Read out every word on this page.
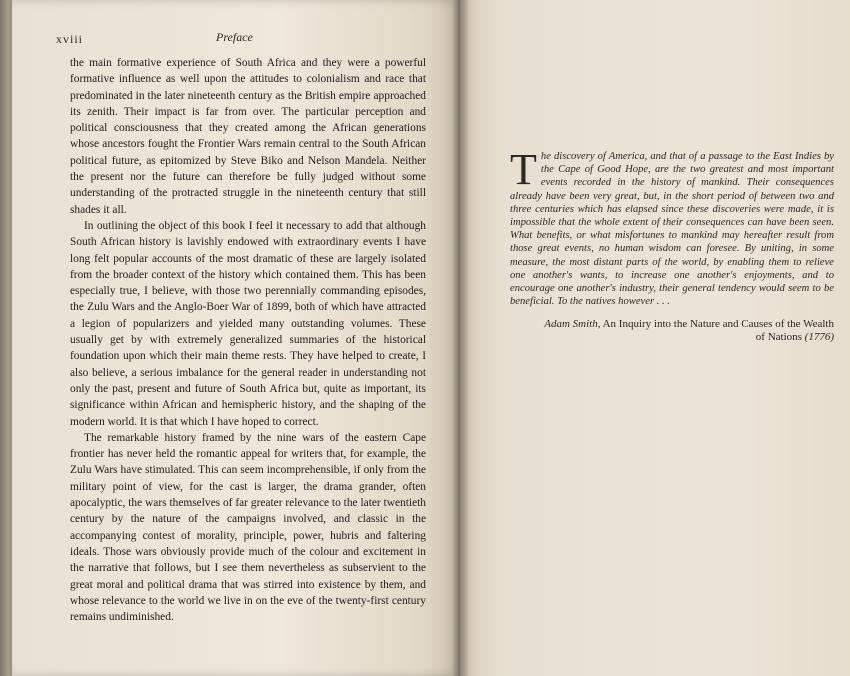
xviii	Preface

the main formative experience of South Africa and they were a powerful formative influence as well upon the attitudes to colonialism and race that predominated in the later nineteenth century as the British empire approached its zenith. Their impact is far from over. The particular perception and political consciousness that they created among the African generations whose ancestors fought the Frontier Wars remain central to the South African political future, as epitomized by Steve Biko and Nelson Mandela. Neither the present nor the future can therefore be fully judged without some understanding of the protracted struggle in the nineteenth century that still shades it all.

In outlining the object of this book I feel it necessary to add that although South African history is lavishly endowed with extraordinary events I have long felt popular accounts of the most dramatic of these are largely isolated from the broader context of the history which contained them. This has been especially true, I believe, with those two perennially commanding episodes, the Zulu Wars and the Anglo-Boer War of 1899, both of which have attracted a legion of popularizers and yielded many outstanding volumes. These usually get by with extremely generalized summaries of the historical foundation upon which their main theme rests. They have helped to create, I also believe, a serious imbalance for the general reader in understanding not only the past, present and future of South Africa but, quite as important, its significance within African and hemispheric history, and the shaping of the modern world. It is that which I have hoped to correct.

The remarkable history framed by the nine wars of the eastern Cape frontier has never held the romantic appeal for writers that, for example, the Zulu Wars have stimulated. This can seem incomprehensible, if only from the military point of view, for the cast is larger, the drama grander, often apocalyptic, the wars themselves of far greater relevance to the later twentieth century by the nature of the campaigns involved, and classic in the accompanying contest of morality, principle, power, hubris and faltering ideals. Those wars obviously provide much of the colour and excitement in the narrative that follows, but I see them nevertheless as subservient to the great moral and political drama that was stirred into existence by them, and whose relevance to the world we live in on the eve of the twenty-first century remains undiminished.

The discovery of America, and that of a passage to the East Indies by the Cape of Good Hope, are the two greatest and most important events recorded in the history of mankind. Their consequences already have been very great, but, in the short period of between two and three centuries which has elapsed since these discoveries were made, it is impossible that the whole extent of their consequences can have been seen. What benefits, or what misfortunes to mankind may hereafter result from those great events, no human wisdom can foresee. By uniting, in some measure, the most distant parts of the world, by enabling them to relieve one another's wants, to increase one another's enjoyments, and to encourage one another's industry, their general tendency would seem to be beneficial. To the natives however . . .
Adam Smith, An Inquiry into the Nature and Causes of the Wealth of Nations (1776)
